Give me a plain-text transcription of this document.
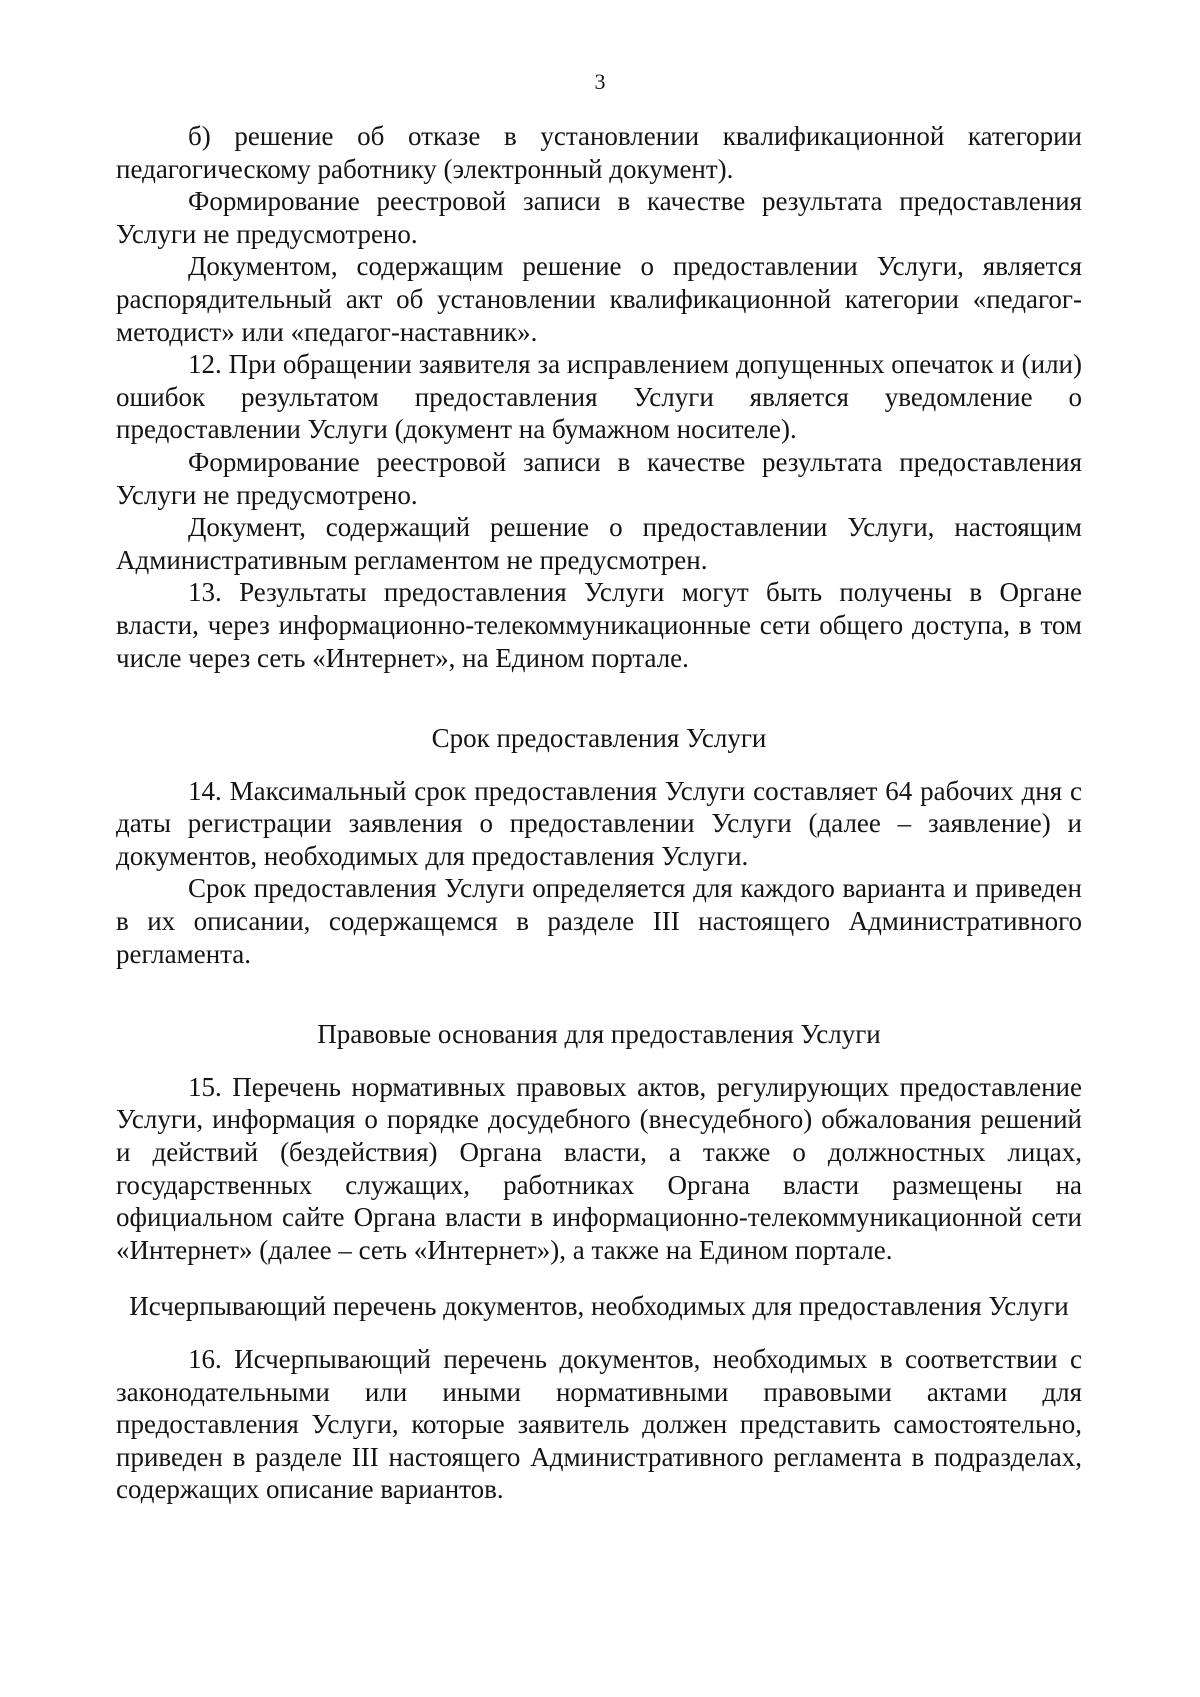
3

б) решение об отказе в установлении квалификационной категории педагогическому работнику (электронный документ).

Формирование реестровой записи в качестве результата предоставления Услуги не предусмотрено.

Документом, содержащим решение о предоставлении Услуги, является распорядительный акт об установлении квалификационной категории «педагог-методист» или «педагог-наставник».

12. При обращении заявителя за исправлением допущенных опечаток и (или) ошибок результатом предоставления Услуги является уведомление о предоставлении Услуги (документ на бумажном носителе).

Формирование реестровой записи в качестве результата предоставления Услуги не предусмотрено.

Документ, содержащий решение о предоставлении Услуги, настоящим Административным регламентом не предусмотрен.

13. Результаты предоставления Услуги могут быть получены в Органе власти, через информационно-телекоммуникационные сети общего доступа, в том числе через сеть «Интернет», на Едином портале.

Срок предоставления Услуги

14. Максимальный срок предоставления Услуги составляет 64 рабочих дня с даты регистрации заявления о предоставлении Услуги (далее – заявление) и документов, необходимых для предоставления Услуги.

Срок предоставления Услуги определяется для каждого варианта и приведен в их описании, содержащемся в разделе III настоящего Административного регламента.

Правовые основания для предоставления Услуги

15. Перечень нормативных правовых актов, регулирующих предоставление Услуги, информация о порядке досудебного (внесудебного) обжалования решений и действий (бездействия) Органа власти, а также о должностных лицах, государственных служащих, работниках Органа власти размещены на официальном сайте Органа власти в информационно-телекоммуникационной сети «Интернет» (далее – сеть «Интернет»), а также на Едином портале.

Исчерпывающий перечень документов, необходимых для предоставления Услуги

16. Исчерпывающий перечень документов, необходимых в соответствии с законодательными или иными нормативными правовыми актами для предоставления Услуги, которые заявитель должен представить самостоятельно, приведен в разделе III настоящего Административного регламента в подразделах, содержащих описание вариантов.
